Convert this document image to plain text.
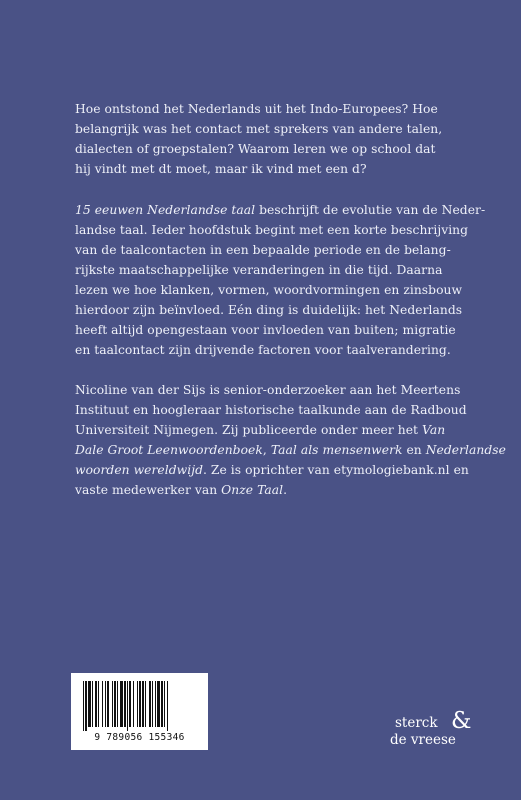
Hoe ontstond het Nederlands uit het Indo-Europees? Hoe
belangrijk was het contact met sprekers van andere talen,
dialecten of groepstalen? Waarom leren we op school dat
hij vindt met dt moet, maar ik vind met een d?

15 eeuwen Nederlandse taal beschrijft de evolutie van de Neder-
landse taal. Ieder hoofdstuk begint met een korte beschrijving
van de taalcontacten in een bepaalde periode en de belang-
rijkste maatschappelijke veranderingen in die tijd. Daarna
lezen we hoe klanken, vormen, woordvormingen en zinsbouw
hierdoor zijn beïnvloed. Eén ding is duidelijk: het Nederlands
heeft altijd opengestaan voor invloeden van buiten; migratie
en taalcontact zijn drijvende factoren voor taalverandering.

Nicoline van der Sijs is senior-onderzoeker aan het Meertens
Instituut en hoogleraar historische taalkunde aan de Radboud
Universiteit Nijmegen. Zij publiceerde onder meer het Van
Dale Groot Leenwoordenboek, Taal als mensenwerk en Nederlandse
woorden wereldwijd. Ze is oprichter van etymologiebank.nl en
vaste medewerker van Onze Taal.

9 789056 155346
sterck &
de vreese
